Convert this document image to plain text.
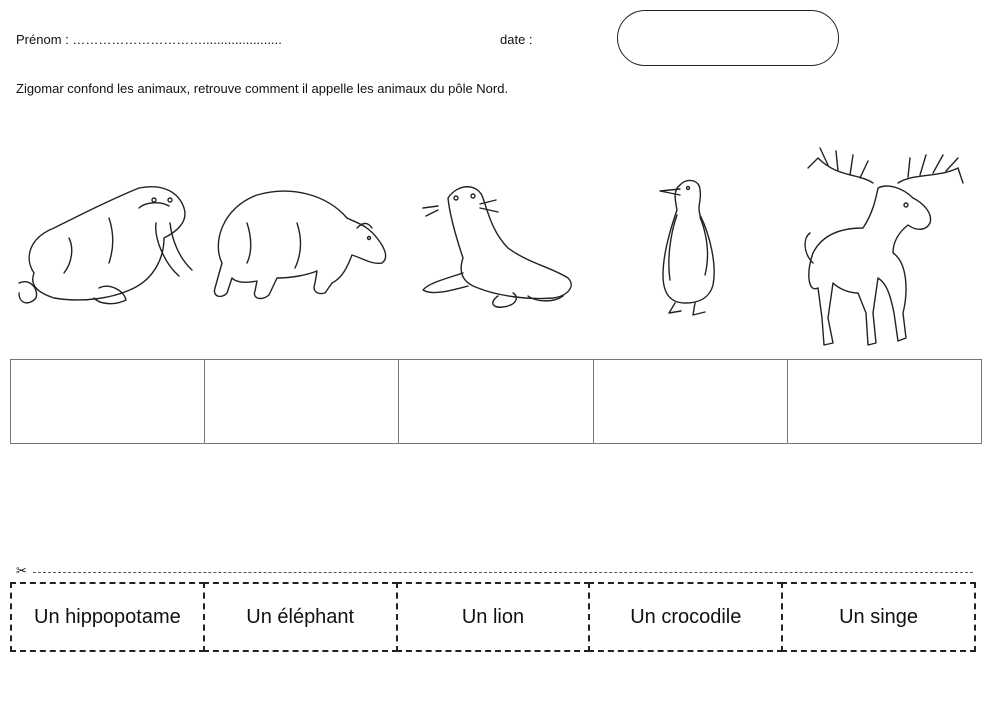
Prénom : …………………………......................	date :
Zigomar confond les animaux, retrouve comment il appelle les animaux du pôle Nord.
✂
Un hippopotame	Un éléphant	Un lion	Un crocodile	Un singe
